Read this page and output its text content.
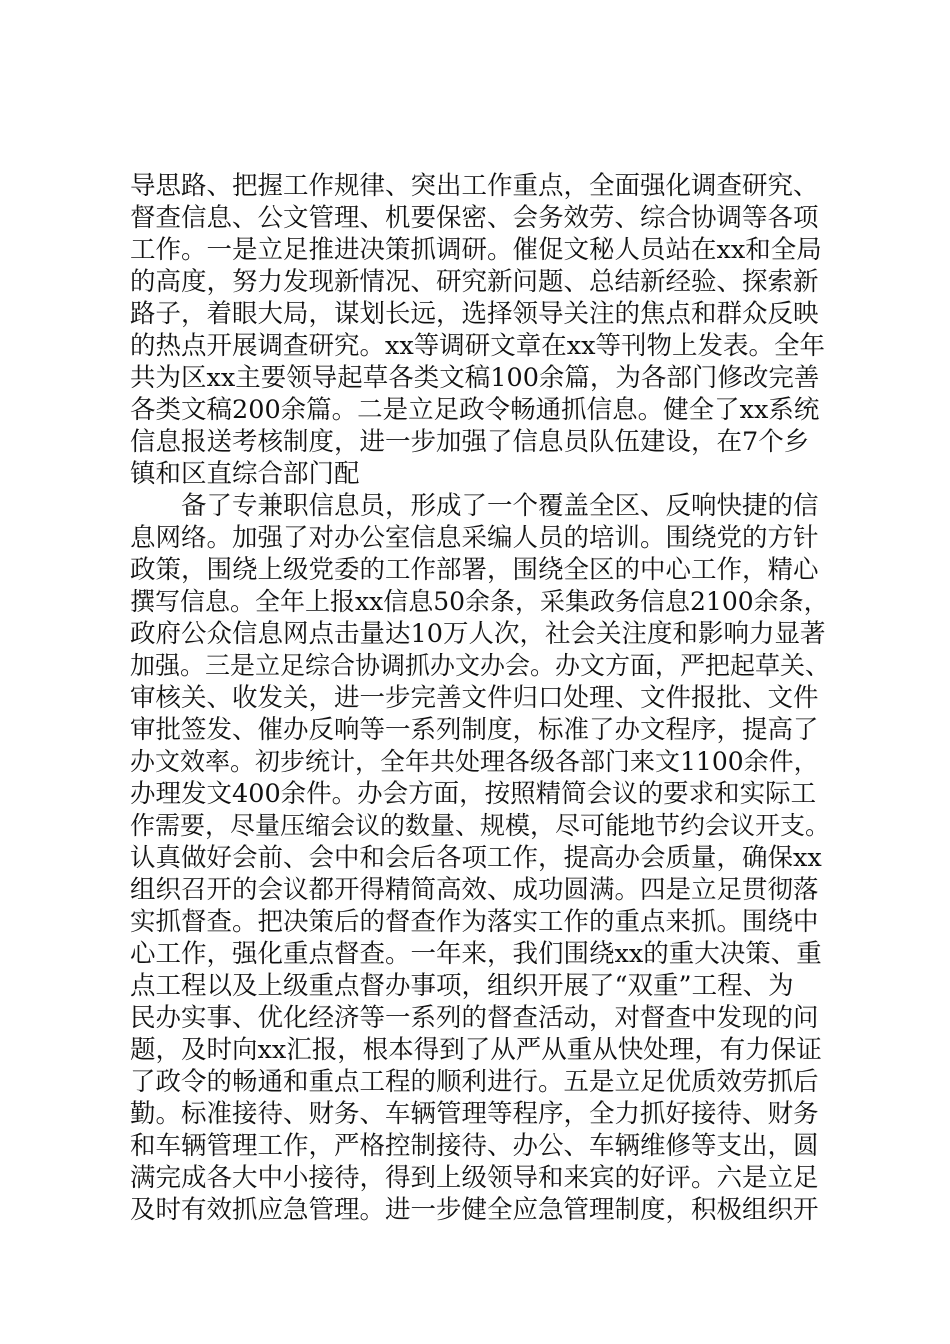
导思路、把握工作规律、突出工作重点，全面强化调查研究、
督查信息、公文管理、机要保密、会务效劳、综合协调等各项
工作。一是立足推进决策抓调研。催促文秘人员站在xx和全局
的高度，努力发现新情况、研究新问题、总结新经验、探索新
路子，着眼大局，谋划长远，选择领导关注的焦点和群众反映
的热点开展调查研究。xx等调研文章在xx等刊物上发表。全年
共为区xx主要领导起草各类文稿100余篇，为各部门修改完善
各类文稿200余篇。二是立足政令畅通抓信息。健全了xx系统
信息报送考核制度，进一步加强了信息员队伍建设，在7个乡
镇和区直综合部门配
　　备了专兼职信息员，形成了一个覆盖全区、反响快捷的信
息网络。加强了对办公室信息采编人员的培训。围绕党的方针
政策，围绕上级党委的工作部署，围绕全区的中心工作，精心
撰写信息。全年上报xx信息50余条，采集政务信息2100余条，
政府公众信息网点击量达10万人次，社会关注度和影响力显著
加强。三是立足综合协调抓办文办会。办文方面，严把起草关、
审核关、收发关，进一步完善文件归口处理、文件报批、文件
审批签发、催办反响等一系列制度，标准了办文程序，提高了
办文效率。初步统计，全年共处理各级各部门来文1100余件，
办理发文400余件。办会方面，按照精简会议的要求和实际工
作需要，尽量压缩会议的数量、规模，尽可能地节约会议开支。
认真做好会前、会中和会后各项工作，提高办会质量，确保xx
组织召开的会议都开得精简高效、成功圆满。四是立足贯彻落
实抓督查。把决策后的督查作为落实工作的重点来抓。围绕中
心工作，强化重点督查。一年来，我们围绕xx的重大决策、重
点工程以及上级重点督办事项，组织开展了“双重”工程、为
民办实事、优化经济等一系列的督查活动，对督查中发现的问
题，及时向xx汇报，根本得到了从严从重从快处理，有力保证
了政令的畅通和重点工程的顺利进行。五是立足优质效劳抓后
勤。标准接待、财务、车辆管理等程序，全力抓好接待、财务
和车辆管理工作，严格控制接待、办公、车辆维修等支出，圆
满完成各大中小接待，得到上级领导和来宾的好评。六是立足
及时有效抓应急管理。进一步健全应急管理制度，积极组织开
